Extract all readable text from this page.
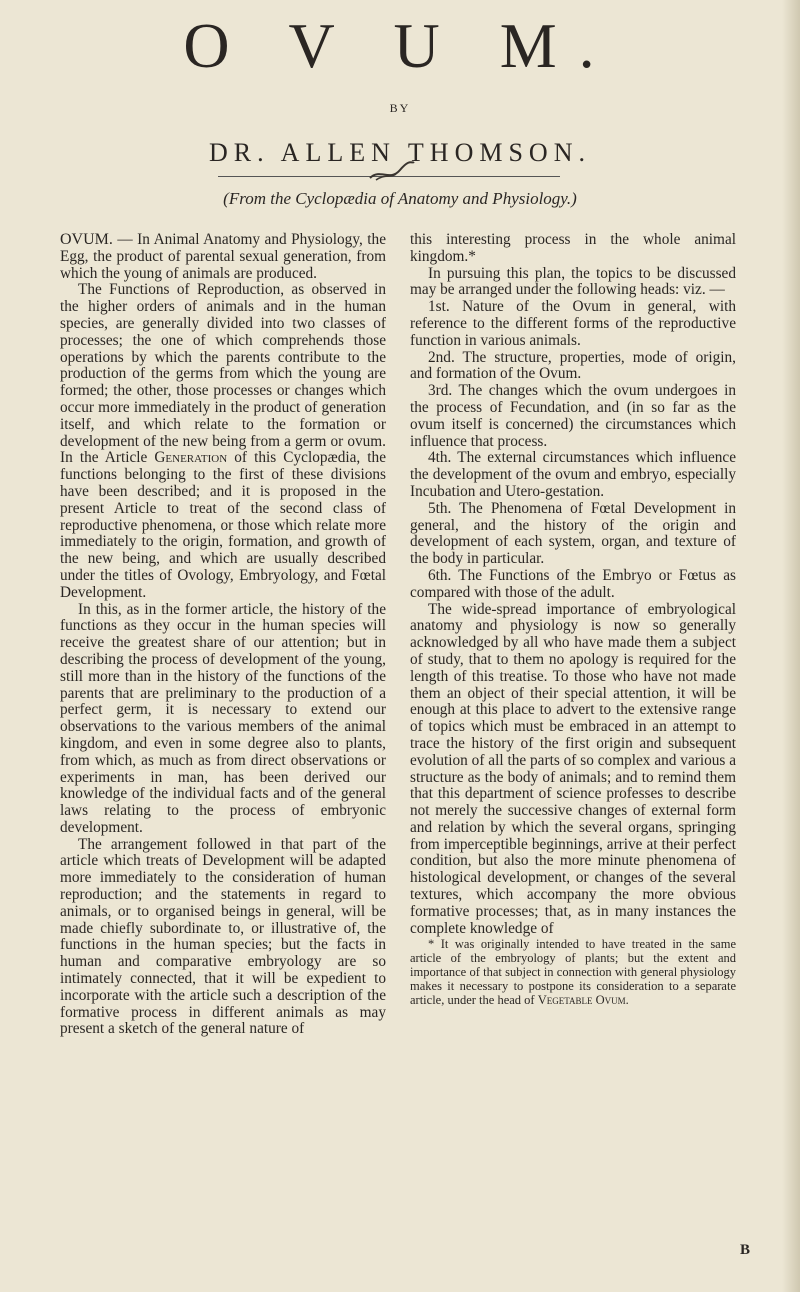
O V U M.
BY
DR. ALLEN THOMSON.
(From the Cyclopædia of Anatomy and Physiology.)

OVUM. — In Animal Anatomy and Physiology, the Egg, the product of parental sexual generation, from which the young of animals are produced.

The Functions of Reproduction, as observed in the higher orders of animals and in the human species, are generally divided into two classes of processes; the one of which comprehends those operations by which the parents contribute to the production of the germs from which the young are formed; the other, those processes or changes which occur more immediately in the product of generation itself, and which relate to the formation or development of the new being from a germ or ovum. In the Article Generation of this Cyclopædia, the functions belonging to the first of these divisions have been described; and it is proposed in the present Article to treat of the second class of reproductive phenomena, or those which relate more immediately to the origin, formation, and growth of the new being, and which are usually described under the titles of Ovology, Embryology, and Fœtal Development.

In this, as in the former article, the history of the functions as they occur in the human species will receive the greatest share of our attention; but in describing the process of development of the young, still more than in the history of the functions of the parents that are preliminary to the production of a perfect germ, it is necessary to extend our observations to the various members of the animal kingdom, and even in some degree also to plants, from which, as much as from direct observations or experiments in man, has been derived our knowledge of the individual facts and of the general laws relating to the process of embryonic development.

The arrangement followed in that part of the article which treats of Development will be adapted more immediately to the consideration of human reproduction; and the statements in regard to animals, or to organised beings in general, will be made chiefly subordinate to, or illustrative of, the functions in the human species; but the facts in human and comparative embryology are so intimately connected, that it will be expedient to incorporate with the article such a description of the formative process in different animals as may present a sketch of the general nature of

this interesting process in the whole animal kingdom.*

In pursuing this plan, the topics to be discussed may be arranged under the following heads: viz. —

1st. Nature of the Ovum in general, with reference to the different forms of the reproductive function in various animals.

2nd. The structure, properties, mode of origin, and formation of the Ovum.

3rd. The changes which the ovum undergoes in the process of Fecundation, and (in so far as the ovum itself is concerned) the circumstances which influence that process.

4th. The external circumstances which influence the development of the ovum and embryo, especially Incubation and Utero-gestation.

5th. The Phenomena of Fœtal Development in general, and the history of the origin and development of each system, organ, and texture of the body in particular.

6th. The Functions of the Embryo or Fœtus as compared with those of the adult.

The wide-spread importance of embryological anatomy and physiology is now so generally acknowledged by all who have made them a subject of study, that to them no apology is required for the length of this treatise. To those who have not made them an object of their special attention, it will be enough at this place to advert to the extensive range of topics which must be embraced in an attempt to trace the history of the first origin and subsequent evolution of all the parts of so complex and various a structure as the body of animals; and to remind them that this department of science professes to describe not merely the successive changes of external form and relation by which the several organs, springing from imperceptible beginnings, arrive at their perfect condition, but also the more minute phenomena of histological development, or changes of the several textures, which accompany the more obvious formative processes; that, as in many instances the complete knowledge of

* It was originally intended to have treated in the same article of the embryology of plants; but the extent and importance of that subject in connection with general physiology makes it necessary to postpone its consideration to a separate article, under the head of Vegetable Ovum.

B
